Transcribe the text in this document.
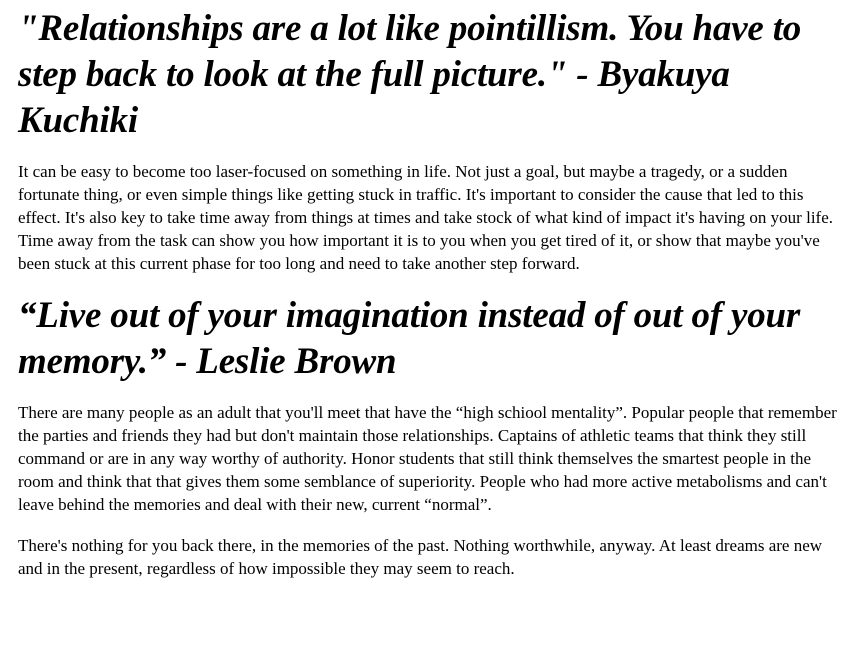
"Relationships are a lot like pointillism. You have to step back to look at the full picture." - Byakuya Kuchiki

It can be easy to become too laser-focused on something in life. Not just a goal, but maybe a tragedy, or a sudden fortunate thing, or even simple things like getting stuck in traffic. It's important to consider the cause that led to this effect. It's also key to take time away from things at times and take stock of what kind of impact it's having on your life. Time away from the task can show you how important it is to you when you get tired of it, or show that maybe you've been stuck at this current phase for too long and need to take another step forward.

“Live out of your imagination instead of out of your memory.” - Leslie Brown

There are many people as an adult that you'll meet that have the “high schiool mentality”. Popular people that remember the parties and friends they had but don't maintain those relationships. Captains of athletic teams that think they still command or are in any way worthy of authority. Honor students that still think themselves the smartest people in the room and think that that gives them some semblance of superiority. People who had more active metabolisms and can't leave behind the memories and deal with their new, current “normal”.

There's nothing for you back there, in the memories of the past. Nothing worthwhile, anyway. At least dreams are new and in the present, regardless of how impossible they may seem to reach.
